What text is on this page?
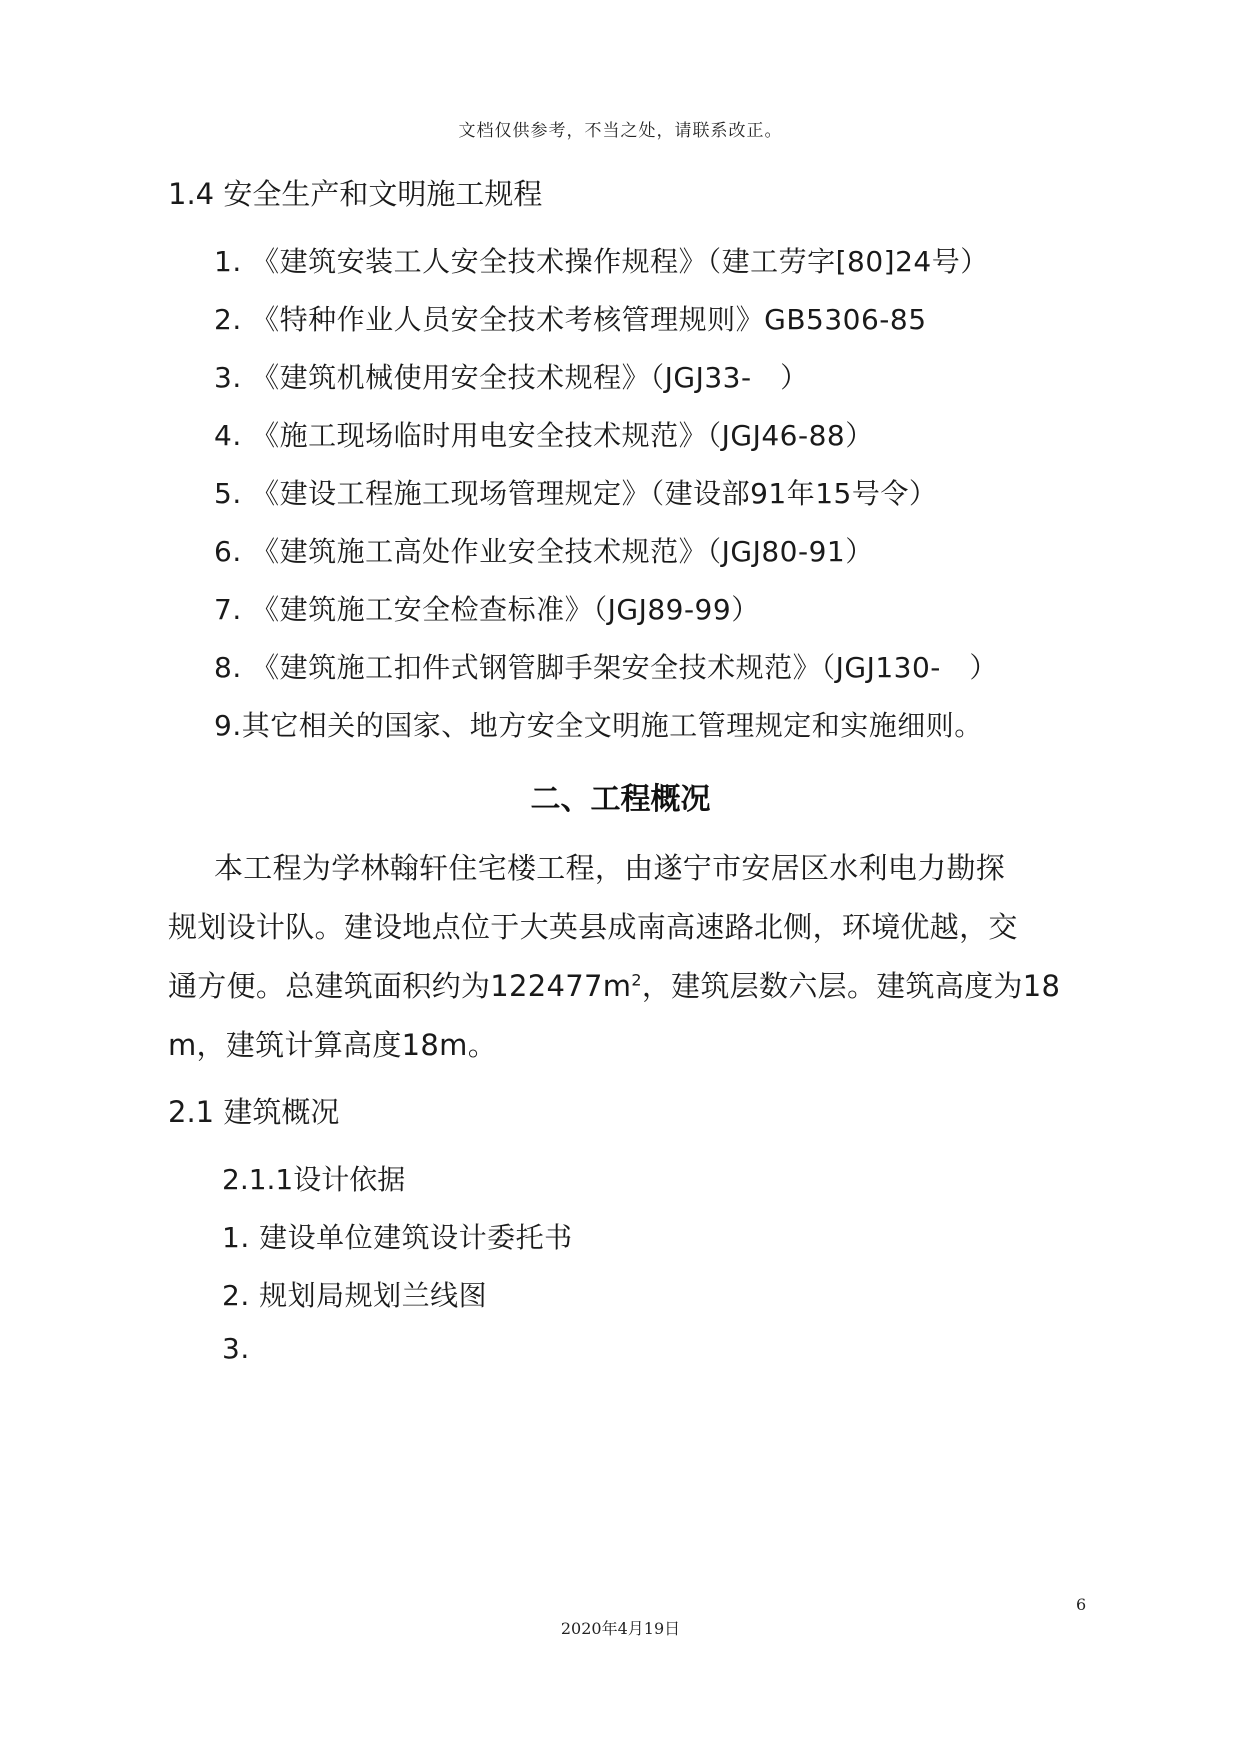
文档仅供参考，不当之处，请联系改正。
1.4 安全生产和文明施工规程
1. 《建筑安装工人安全技术操作规程》（建工劳字[80]24号）
2. 《特种作业人员安全技术考核管理规则》GB5306-85
3. 《建筑机械使用安全技术规程》（JGJ33-　）
4. 《施工现场临时用电安全技术规范》（JGJ46-88）
5. 《建设工程施工现场管理规定》（建设部91年15号令）
6. 《建筑施工高处作业安全技术规范》（JGJ80-91）
7. 《建筑施工安全检查标准》（JGJ89-99）
8. 《建筑施工扣件式钢管脚手架安全技术规范》（JGJ130-　）
9.其它相关的国家、地方安全文明施工管理规定和实施细则。
二、工程概况
本工程为学林翰轩住宅楼工程，由遂宁市安居区水利电力勘探
规划设计队。建设地点位于大英县成南高速路北侧，环境优越，交
通方便。总建筑面积约为$122477m^2$，建筑层数六层。建筑高度为18
m，建筑计算高度18m。
2.1 建筑概况
2.1.1设计依据
1. 建设单位建筑设计委托书
2. 规划局规划兰线图
3.
6
2020年4月19日
